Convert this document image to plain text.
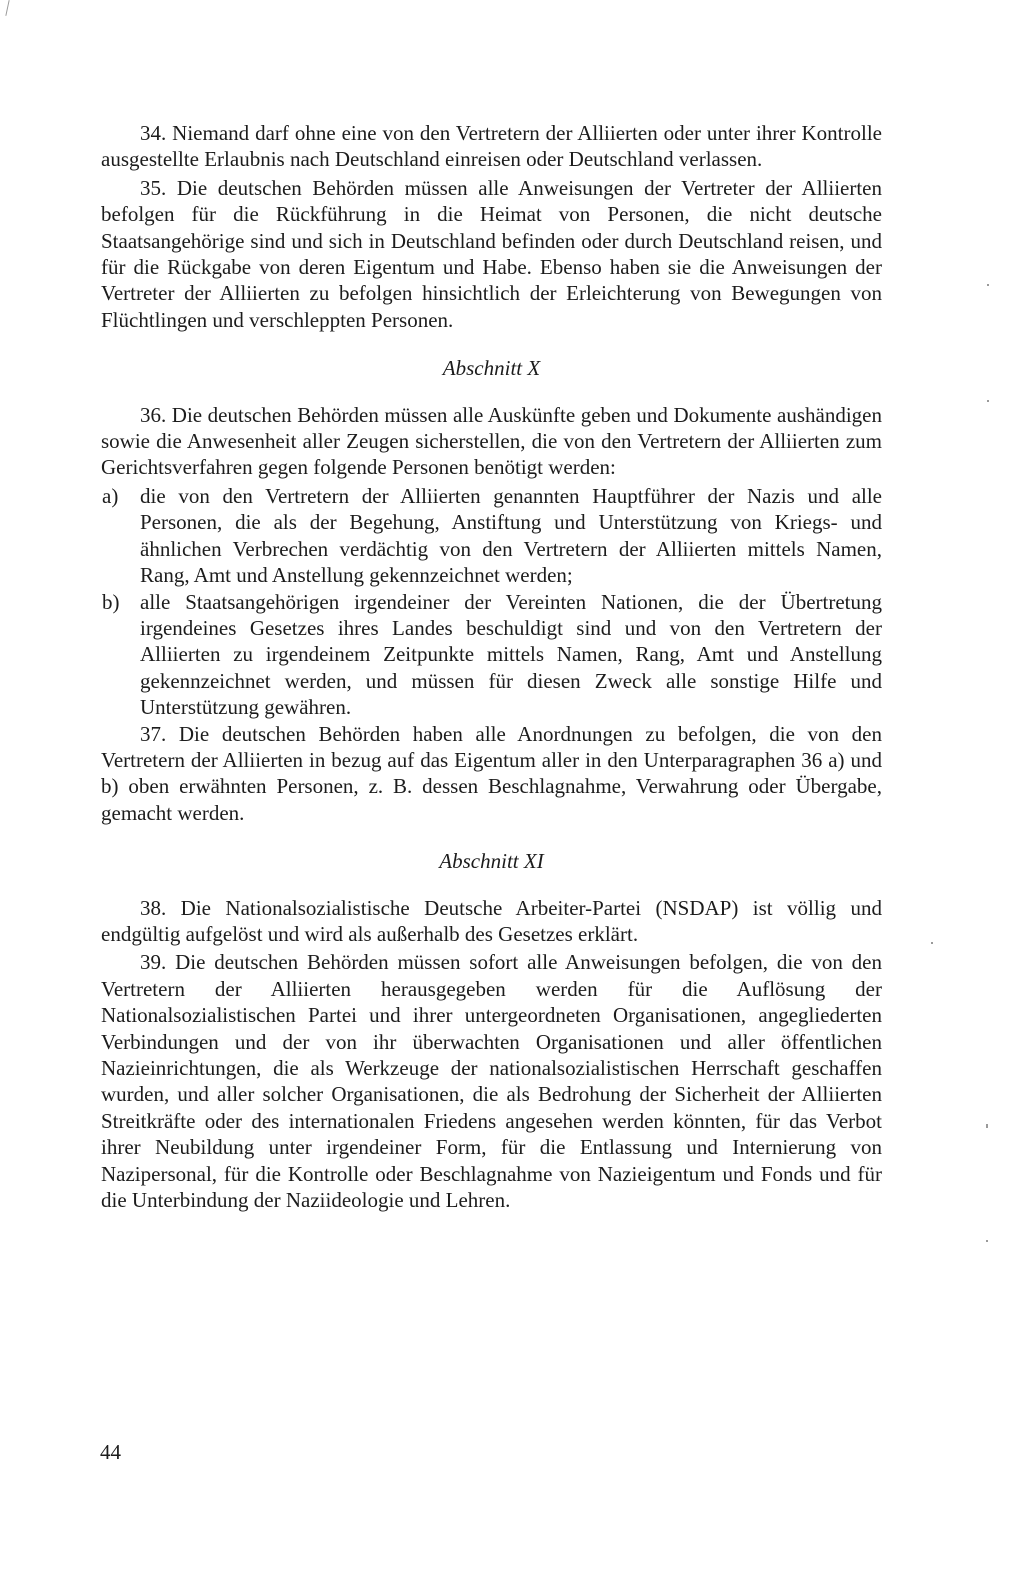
34. Niemand darf ohne eine von den Vertretern der Alliierten oder unter ihrer Kontrolle ausgestellte Erlaubnis nach Deutschland einreisen oder Deutschland verlassen.

35. Die deutschen Behörden müssen alle Anweisungen der Vertreter der Alliierten befolgen für die Rückführung in die Heimat von Personen, die nicht deutsche Staatsangehörige sind und sich in Deutschland befinden oder durch Deutschland reisen, und für die Rückgabe von deren Eigentum und Habe. Ebenso haben sie die Anweisungen der Vertreter der Alliierten zu befolgen hinsichtlich der Erleichterung von Bewegungen von Flüchtlingen und verschleppten Personen.

Abschnitt X

36. Die deutschen Behörden müssen alle Auskünfte geben und Dokumente aushändigen sowie die Anwesenheit aller Zeugen sicherstellen, die von den Vertretern der Alliierten zum Gerichtsverfahren gegen folgende Personen benötigt werden:

a) die von den Vertretern der Alliierten genannten Hauptführer der Nazis und alle Personen, die als der Begehung, Anstiftung und Unterstützung von Kriegs- und ähnlichen Verbrechen verdächtig von den Vertretern der Alliierten mittels Namen, Rang, Amt und Anstellung gekennzeichnet werden;
b) alle Staatsangehörigen irgendeiner der Vereinten Nationen, die der Übertretung irgendeines Gesetzes ihres Landes beschuldigt sind und von den Vertretern der Alliierten zu irgendeinem Zeitpunkte mittels Namen, Rang, Amt und Anstellung gekennzeichnet werden, und müssen für diesen Zweck alle sonstige Hilfe und Unterstützung gewähren.

37. Die deutschen Behörden haben alle Anordnungen zu befolgen, die von den Vertretern der Alliierten in bezug auf das Eigentum aller in den Unterparagraphen 36 a) und b) oben erwähnten Personen, z. B. dessen Beschlagnahme, Verwahrung oder Übergabe, gemacht werden.

Abschnitt XI

38. Die Nationalsozialistische Deutsche Arbeiter-Partei (NSDAP) ist völlig und endgültig aufgelöst und wird als außerhalb des Gesetzes erklärt.

39. Die deutschen Behörden müssen sofort alle Anweisungen befolgen, die von den Vertretern der Alliierten herausgegeben werden für die Auflösung der Nationalsozialistischen Partei und ihrer untergeordneten Organisationen, angegliederten Verbindungen und der von ihr überwachten Organisationen und aller öffentlichen Nazieinrichtungen, die als Werkzeuge der nationalsozialistischen Herrschaft geschaffen wurden, und aller solcher Organisationen, die als Bedrohung der Sicherheit der Alliierten Streitkräfte oder des internationalen Friedens angesehen werden könnten, für das Verbot ihrer Neubildung unter irgendeiner Form, für die Entlassung und Internierung von Nazipersonal, für die Kontrolle oder Beschlagnahme von Nazieigentum und Fonds und für die Unterbindung der Naziideologie und Lehren.

44
